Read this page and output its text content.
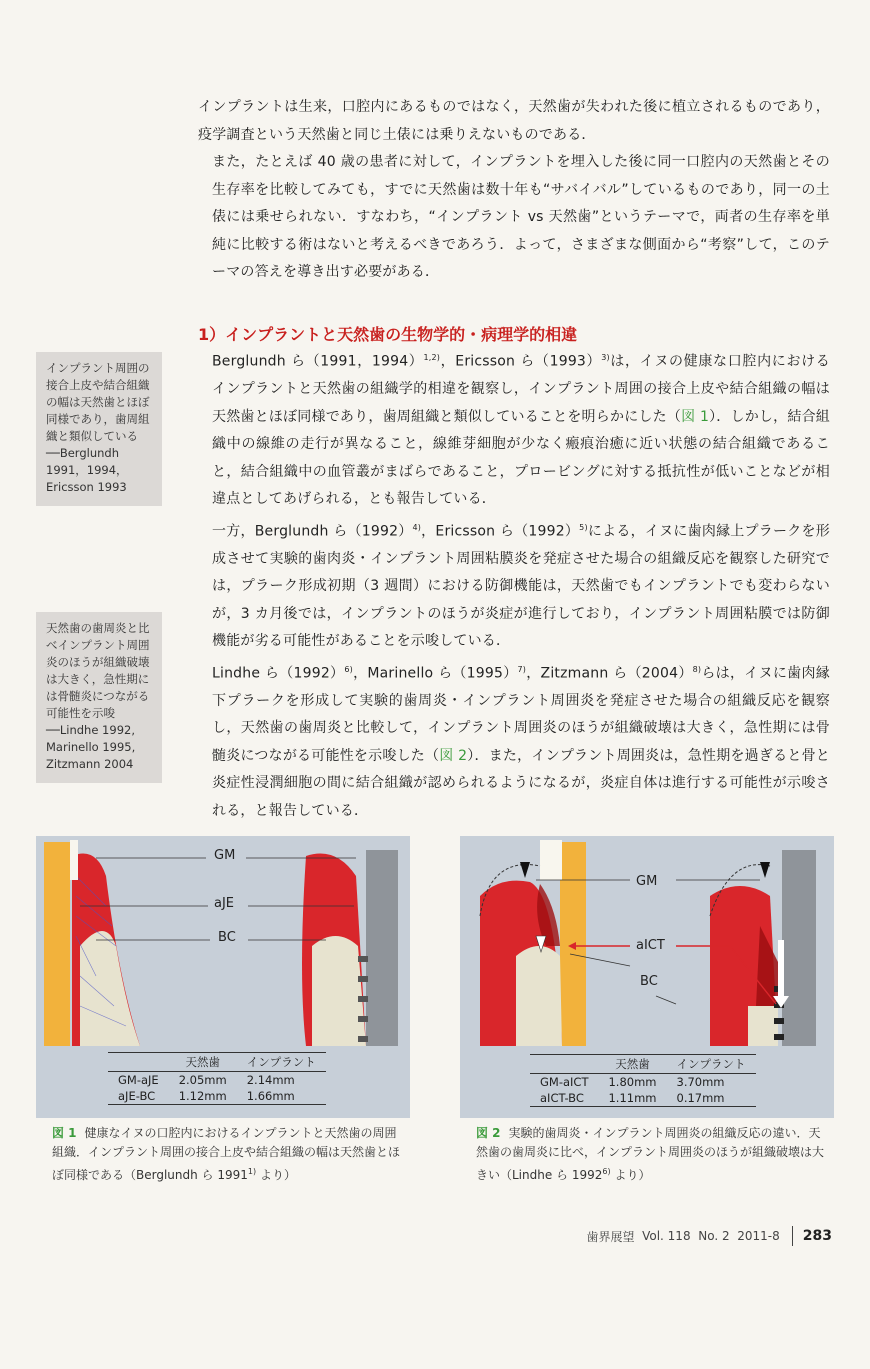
インプラントは生来，口腔内にあるものではなく，天然歯が失われた後に植立されるものであり，疫学調査という天然歯と同じ土俵には乗りえないものである．
また，たとえば 40 歳の患者に対して，インプラントを埋入した後に同一口腔内の天然歯とその生存率を比較してみても，すでに天然歯は数十年も“サバイバル”しているものであり，同一の土俵には乗せられない．すなわち，“インプラント vs 天然歯”というテーマで，両者の生存率を単純に比較する術はないと考えるべきであろう．よって，さまざまな側面から“考察”して，このテーマの答えを導き出す必要がある．
1）インプラントと天然歯の生物学的・病理学的相違
Berglundh ら（1991，1994）$^{1,2)}$，Ericsson ら$(1993)^{3)}$は，イヌの健康な口腔内におけるインプラントと天然歯の組織学的相違を観察し，インプラント周囲の接合上皮や結合組織の幅は天然歯とほぼ同様であり，歯周組織と類似していることを明らかにした（図 1）．しかし，結合組織中の線維の走行が異なること，線維芽細胞が少なく瘢痕治癒に近い状態の結合組織であること，結合組織中の血管叢がまばらであること，プロービングに対する抵抗性が低いことなどが相違点としてあげられる，とも報告している．
一方，Berglundh ら$(1992)^{4)}$，Ericsson ら$(1992)^{5)}$による，イヌに歯肉縁上プラークを形成させて実験的歯肉炎・インプラント周囲粘膜炎を発症させた場合の組織反応を観察した研究では，プラーク形成初期（3 週間）における防御機能は，天然歯でもインプラントでも変わらないが，3 カ月後では，インプラントのほうが炎症が進行しており，インプラント周囲粘膜では防御機能が劣る可能性があることを示唆している．
Lindhe ら$(1992)^{6)}$，Marinello ら$(1995)^{7)}$，Zitzmann ら$(2004)^{8)}$らは，イヌに歯肉縁下プラークを形成して実験的歯周炎・インプラント周囲炎を発症させた場合の組織反応を観察し，天然歯の歯周炎と比較して，インプラント周囲炎のほうが組織破壊は大きく，急性期には骨髄炎につながる可能性を示唆した（図 2）．また，インプラント周囲炎は，急性期を過ぎると骨と炎症性浸潤細胞の間に結合組織が認められるようになるが，炎症自体は進行する可能性が示唆される，と報告している．
インプラント周囲の接合上皮や結合組織の幅は天然歯とほぼ同様であり，歯周組織と類似している
──Berglundh
1991，1994，
Ericsson 1993
天然歯の歯周炎と比べインプラント周囲炎のほうが組織破壊は大きく，急性期には骨髄炎につながる可能性を示唆
──Lindhe 1992,
Marinello 1995,
Zitzmann 2004
GM
aJE
BC
	天然歯	インプラント
GM-aJE	2.05mm	2.14mm
aJE-BC	1.12mm	1.66mm
GM
aICT
BC
	天然歯	インプラント
GM-aICT	1.80mm	3.70mm
aICT-BC	1.11mm	0.17mm
図 1 健康なイヌの口腔内におけるインプラントと天然歯の周囲組織．インプラント周囲の接合上皮や結合組織の幅は天然歯とほぼ同様である（Berglundh ら 1991$^{1)}$ より）
図 2 実験的歯周炎・インプラント周囲炎の組織反応の違い．天然歯の歯周炎に比べ，インプラント周囲炎のほうが組織破壊は大きい（Lindhe ら 1992$^{6)}$ より）
歯界展望
Vol. 118
No. 2
2011-8 283
